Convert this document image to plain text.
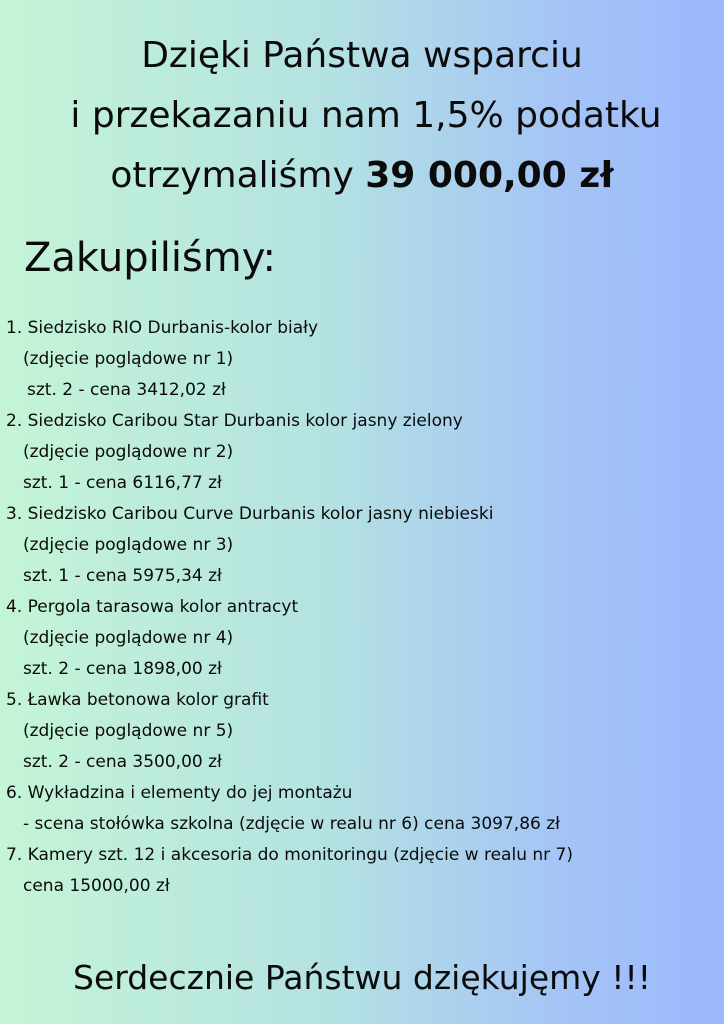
Dzięki Państwa wsparciu
i przekazaniu nam 1,5% podatku
otrzymaliśmy 39 000,00 zł
Zakupiliśmy:
1. Siedzisko RIO Durbanis-kolor biały
(zdjęcie poglądowe nr 1)
szt. 2 - cena 3412,02 zł
2. Siedzisko Caribou Star Durbanis kolor jasny zielony
(zdjęcie poglądowe nr 2)
szt. 1 - cena 6116,77 zł
3. Siedzisko Caribou Curve Durbanis kolor jasny niebieski
(zdjęcie poglądowe nr 3)
szt. 1 - cena 5975,34 zł
4. Pergola tarasowa kolor antracyt
(zdjęcie poglądowe nr 4)
szt. 2 - cena 1898,00 zł
5. Ławka betonowa kolor grafit
(zdjęcie poglądowe nr 5)
szt. 2 - cena 3500,00 zł
6. Wykładzina i elementy do jej montażu
- scena stołówka szkolna (zdjęcie w realu nr 6) cena 3097,86 zł
7. Kamery szt. 12 i akcesoria do monitoringu (zdjęcie w realu nr 7)
cena 15000,00 zł
Serdecznie Państwu dziękujęmy !!!
